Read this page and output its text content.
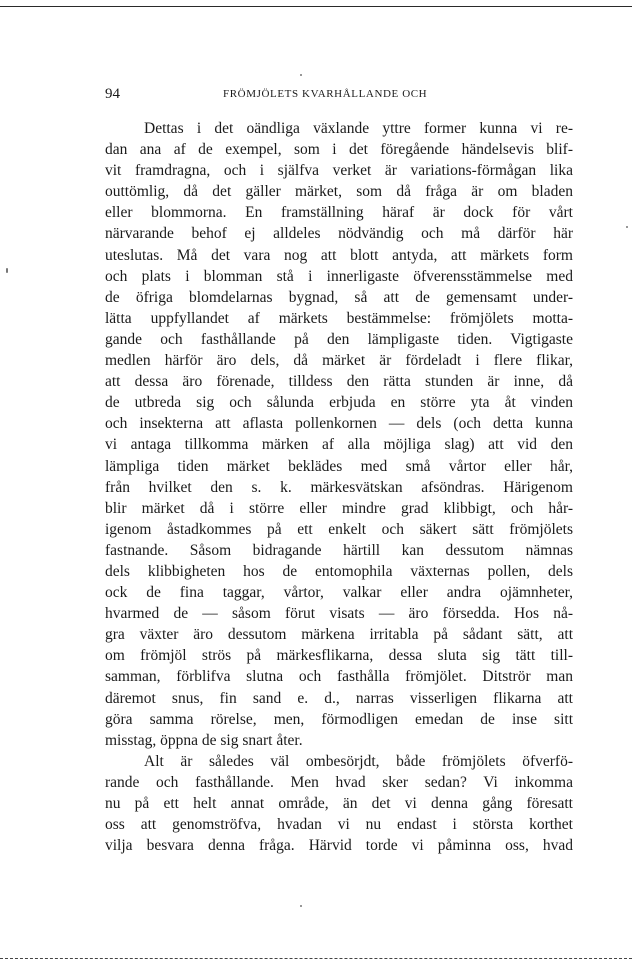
94	FRÖMJÖLETS KVARHÅLLANDE OCH
Dettas i det oändliga växlande yttre former kunna vi re-
dan ana af de exempel, som i det föregående händelsevis blif-
vit framdragna, och i själfva verket är variations-förmågan lika
outtömlig, då det gäller märket, som då fråga är om bladen
eller blommorna. En framställning häraf är dock för vårt
närvarande behof ej alldeles nödvändig och må därför här
uteslutas. Må det vara nog att blott antyda, att märkets form
och plats i blomman stå i innerligaste öfverensstämmelse med
de öfriga blomdelarnas bygnad, så att de gemensamt under-
lätta uppfyllandet af märkets bestämmelse: frömjölets motta-
gande och fasthållande på den lämpligaste tiden. Vigtigaste
medlen härför äro dels, då märket är fördeladt i flere flikar,
att dessa äro förenade, tilldess den rätta stunden är inne, då
de utbreda sig och sålunda erbjuda en större yta åt vinden
och insekterna att aflasta pollenkornen — dels (och detta kunna
vi antaga tillkomma märken af alla möjliga slag) att vid den
lämpliga tiden märket beklädes med små vårtor eller hår,
från hvilket den s. k. märkesvätskan afsöndras. Härigenom
blir märket då i större eller mindre grad klibbigt, och hår-
igenom åstadkommes på ett enkelt och säkert sätt frömjölets
fastnande. Såsom bidragande härtill kan dessutom nämnas
dels klibbigheten hos de entomophila växternas pollen, dels
ock de fina taggar, vårtor, valkar eller andra ojämnheter,
hvarmed de — såsom förut visats — äro försedda. Hos nå-
gra växter äro dessutom märkena irritabla på sådant sätt, att
om frömjöl strös på märkesflikarna, dessa sluta sig tätt till-
samman, förblifva slutna och fasthålla frömjölet. Ditströr man
däremot snus, fin sand e. d., narras visserligen flikarna att
göra samma rörelse, men, förmodligen emedan de inse sitt
misstag, öppna de sig snart åter.
Alt är således väl ombesörjdt, både frömjölets öfverfö-
rande och fasthållande. Men hvad sker sedan? Vi inkomma
nu på ett helt annat område, än det vi denna gång föresatt
oss att genomströfva, hvadan vi nu endast i största korthet
vilja besvara denna fråga. Härvid torde vi påminna oss, hvad
